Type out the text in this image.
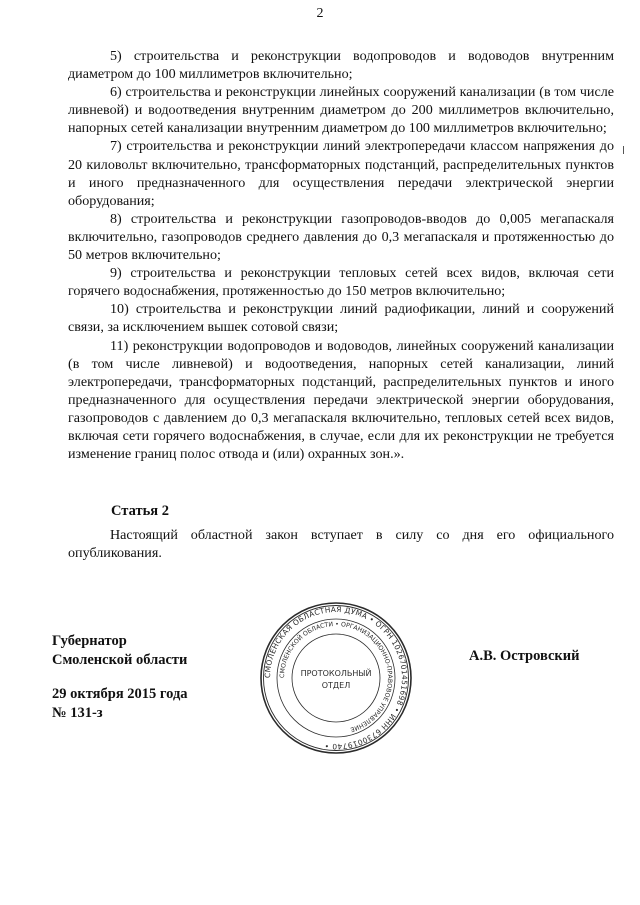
2

5) строительства и реконструкции водопроводов и водоводов внутренним диаметром до 100 миллиметров включительно;

6) строительства и реконструкции линейных сооружений канализации (в том числе ливневой) и водоотведения внутренним диаметром до 200 миллиметров включительно, напорных сетей канализации внутренним диаметром до 100 миллиметров включительно;

7) строительства и реконструкции линий электропередачи классом напряжения до 20 киловольт включительно, трансформаторных подстанций, распределительных пунктов и иного предназначенного для осуществления передачи электрической энергии оборудования;

8) строительства и реконструкции газопроводов-вводов до 0,005 мегапаскаля включительно, газопроводов среднего давления до 0,3 мегапаскаля и протяженностью до 50 метров включительно;

9) строительства и реконструкции тепловых сетей всех видов, включая сети горячего водоснабжения, протяженностью до 150 метров включительно;

10) строительства и реконструкции линий радиофикации, линий и сооружений связи, за исключением вышек сотовой связи;

11) реконструкции водопроводов и водоводов, линейных сооружений канализации (в том числе ливневой) и водоотведения, напорных сетей канализации, линий электропередачи, трансформаторных подстанций, распределительных пунктов и иного предназначенного для осуществления передачи электрической энергии оборудования, газопроводов с давлением до 0,3 мегапаскаля включительно, тепловых сетей всех видов, включая сети горячего водоснабжения, в случае, если для их реконструкции не требуется изменение границ полос отвода и (или) охранных зон.».

Статья 2
Настоящий областной закон вступает в силу со дня его официального опубликования.
Губернатор
Смоленской области
29 октября 2015 года
№ 131-з
А.В. Островский
СМОЛЕНСКАЯ ОБЛАСТНАЯ ДУМА • ОГРН 1026701451698 • ИНН 6730019740 •
СМОЛЕНСКОЙ ОБЛАСТИ • ОРГАНИЗАЦИОННО-ПРАВОВОЕ УПРАВЛЕНИЕ
ПРОТОКОЛЬНЫЙ
ОТДЕЛ
